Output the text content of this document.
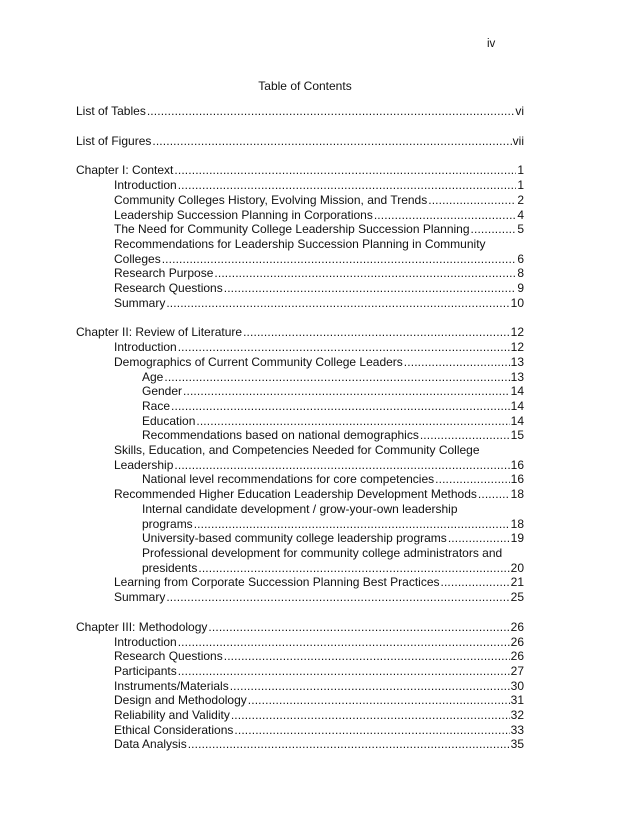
iv
Table of Contents
List of Tables . . .	vi
List of Figures . . .	vii
Chapter I: Context . . .	1
Introduction . . .	1
Community Colleges History, Evolving Mission, and Trends . . .	2
Leadership Succession Planning in Corporations . . .	4
The Need for Community College Leadership Succession Planning . . .	5
Recommendations for Leadership Succession Planning in Community
Colleges . . .	6
Research Purpose . . .	8
Research Questions . . .	9
Summary . . .	10
Chapter II: Review of Literature . . .	12
Introduction . . .	12
Demographics of Current Community College Leaders . . .	13
Age . . .	13
Gender . . .	14
Race . . .	14
Education . . .	14
Recommendations based on national demographics . . .	15
Skills, Education, and Competencies Needed for Community College
Leadership . . .	16
National level recommendations for core competencies . . .	16
Recommended Higher Education Leadership Development Methods . . .	18
Internal candidate development / grow-your-own leadership
programs . . .	18
University-based community college leadership programs . . .	19
Professional development for community college administrators and
presidents . . .	20
Learning from Corporate Succession Planning Best Practices . . .	21
Summary . . .	25
Chapter III: Methodology . . .	26
Introduction . . .	26
Research Questions . . .	26
Participants . . .	27
Instruments/Materials . . .	30
Design and Methodology . . .	31
Reliability and Validity . . .	32
Ethical Considerations . . .	33
Data Analysis . . .	35
